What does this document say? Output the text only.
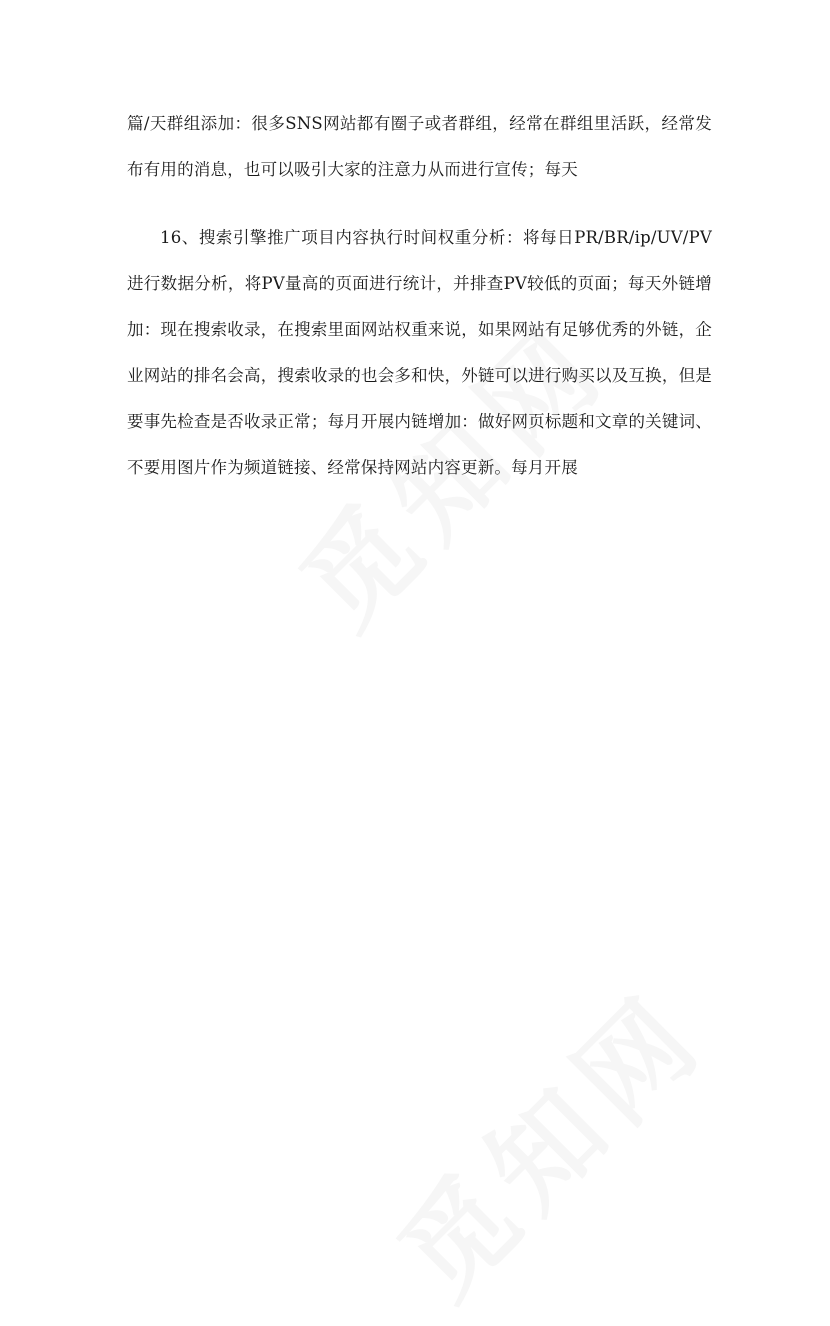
篇/天群组添加：很多SNS网站都有圈子或者群组，经常在群组里活跃，经常发布有用的消息，也可以吸引大家的注意力从而进行宣传；每天

16、搜索引擎推广项目内容执行时间权重分析：将每日PR/BR/ip/UV/PV进行数据分析，将PV量高的页面进行统计，并排查PV较低的页面；每天外链增加：现在搜索收录，在搜索里面网站权重来说，如果网站有足够优秀的外链，企业网站的排名会高，搜索收录的也会多和快，外链可以进行购买以及互换，但是要事先检查是否收录正常；每月开展内链增加：做好网页标题和文章的关键词、不要用图片作为频道链接、经常保持网站内容更新。每月开展
